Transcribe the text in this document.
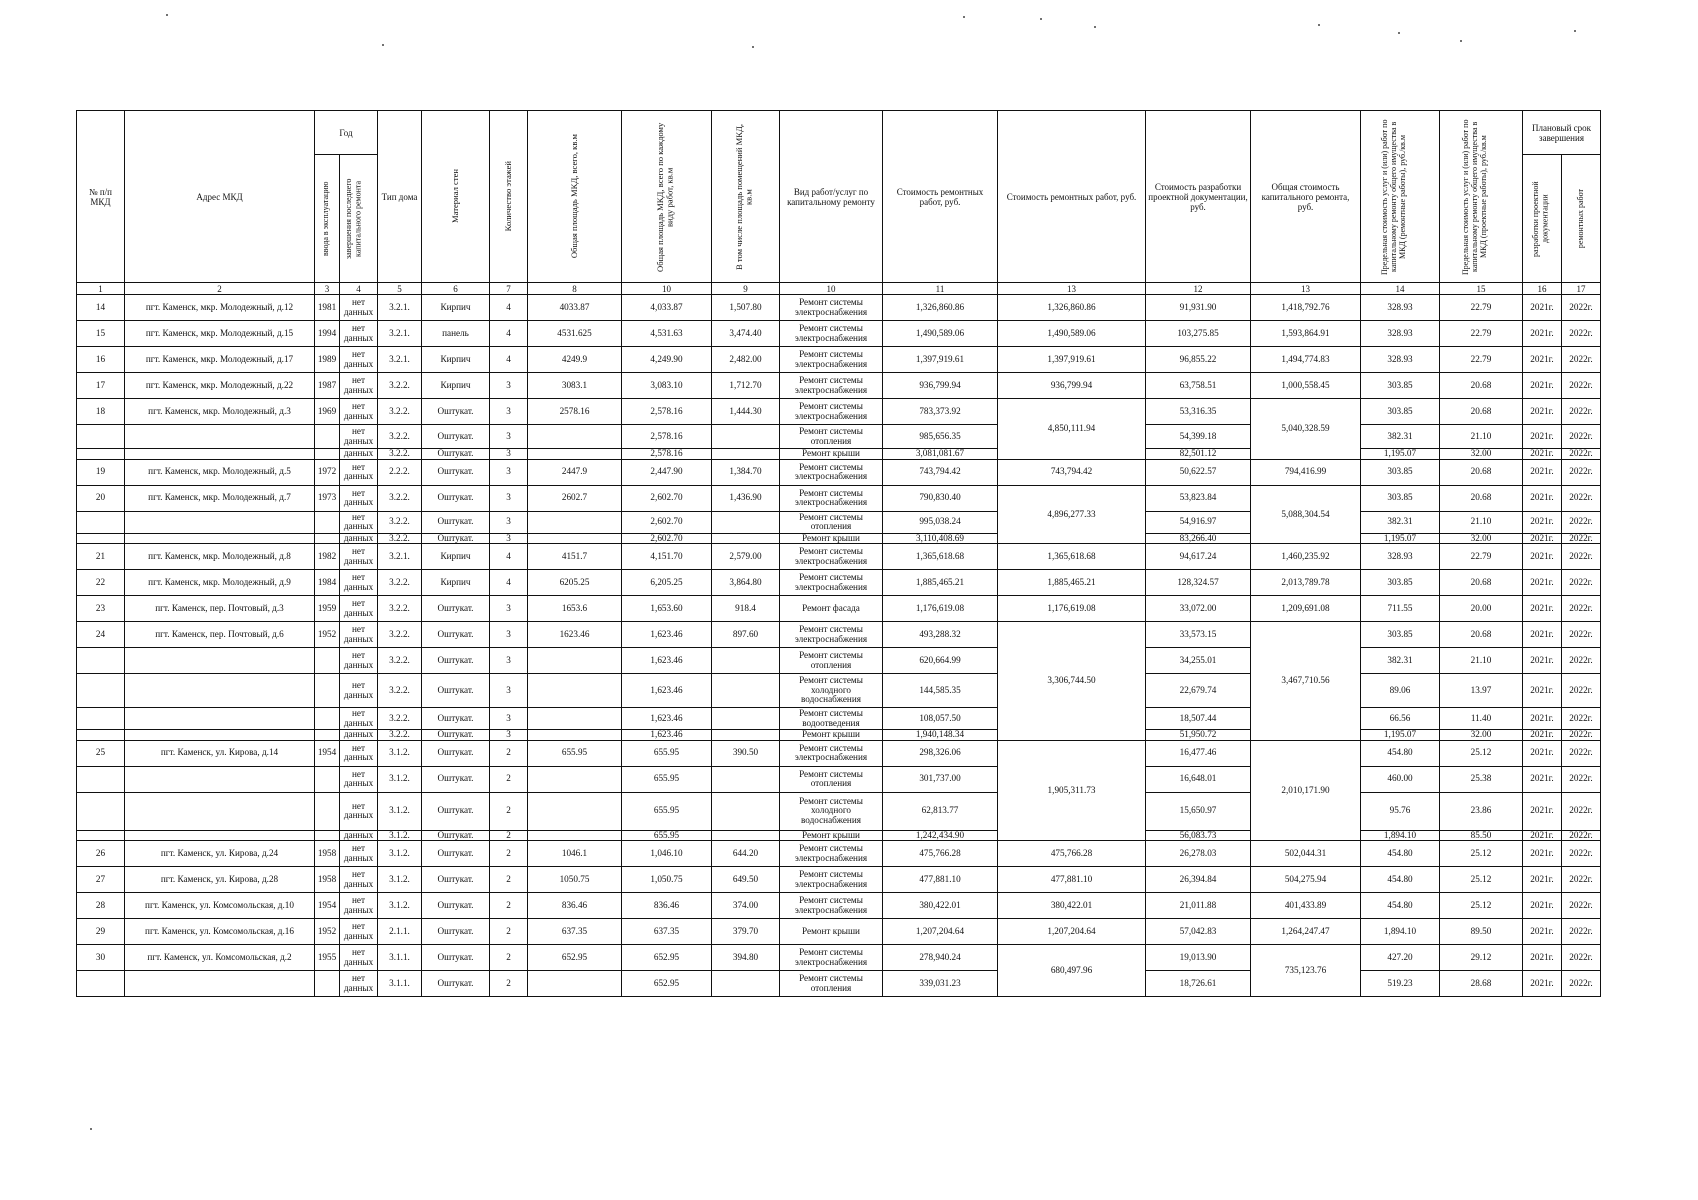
№ п/п МКД	Адрес МКД	Год		Тип дома	Материал стен	Количество этажей	Общая площадь МКД, всего, кв.м	Общая площадь МКД, всего по каждому виду работ, кв.м	В том числе площадь помещений МКД, кв.м	Вид работ/услуг по капитальному ремонту	Стоимость ремонтных работ, руб.	Стоимость ремонтных работ, руб.	Стоимость разработки проектной документации, руб.	Общая стоимость капитального ремонта, руб.	Предельная стоимость услуг и (или) работ по капитальному ремонту общего имущества в МКД (ремонтные работы), руб./кв.м	Предельная стоимость услуг и (или) работ по капитальному ремонту общего имущества в МКД (проектные работы), руб./кв.м	Плановый срок завершения	

		ввода в эксплуатацию	завершения последнего капитального ремонта														разработки проектной документации	ремонтных работ

1	2	3	4	5	6	7	8	10	9	10	11	13	12	13	14	15	16	17
14	пгт. Каменск, мкр. Молодежный, д.12	1981	нет данных	3.2.1.	Кирпич	4	4033.87	4,033.87	1,507.80	Ремонт системы электроснабжения	1,326,860.86	1,326,860.86	91,931.90	1,418,792.76	328.93	22.79	2021г.	2022г.
15	пгт. Каменск, мкр. Молодежный, д.15	1994	нет данных	3.2.1.	панель	4	4531.625	4,531.63	3,474.40	Ремонт системы электроснабжения	1,490,589.06	1,490,589.06	103,275.85	1,593,864.91	328.93	22.79	2021г.	2022г.
16	пгт. Каменск, мкр. Молодежный, д.17	1989	нет данных	3.2.1.	Кирпич	4	4249.9	4,249.90	2,482.00	Ремонт системы электроснабжения	1,397,919.61	1,397,919.61	96,855.22	1,494,774.83	328.93	22.79	2021г.	2022г.
17	пгт. Каменск, мкр. Молодежный, д.22	1987	нет данных	3.2.2.	Кирпич	3	3083.1	3,083.10	1,712.70	Ремонт системы электроснабжения	936,799.94	936,799.94	63,758.51	1,000,558.45	303.85	20.68	2021г.	2022г.
18	пгт. Каменск, мкр. Молодежный, д.3	1969	нет данных	3.2.2.	Оштукат.	3	2578.16	2,578.16	1,444.30	Ремонт системы электроснабжения	783,373.92	4,850,111.94	53,316.35	5,040,328.59	303.85	20.68	2021г.	2022г.
			нет данных	3.2.2.	Оштукат.	3		2,578.16		Ремонт системы отопления	985,656.35		54,399.18		382.31	21.10	2021г.	2022г.
			данных	3.2.2.	Оштукат.	3		2,578.16		Ремонт крыши	3,081,081.67		82,501.12		1,195.07	32.00	2021г.	2022г.
19	пгт. Каменск, мкр. Молодежный, д.5	1972	нет данных	2.2.2.	Оштукат.	3	2447.9	2,447.90	1,384.70	Ремонт системы электроснабжения	743,794.42	743,794.42	50,622.57	794,416.99	303.85	20.68	2021г.	2022г.
20	пгт. Каменск, мкр. Молодежный, д.7	1973	нет данных	3.2.2.	Оштукат.	3	2602.7	2,602.70	1,436.90	Ремонт системы электроснабжения	790,830.40	4,896,277.33	53,823.84	5,088,304.54	303.85	20.68	2021г.	2022г.
			нет данных	3.2.2.	Оштукат.	3		2,602.70		Ремонт системы отопления	995,038.24		54,916.97		382.31	21.10	2021г.	2022г.
			данных	3.2.2.	Оштукат.	3		2,602.70		Ремонт крыши	3,110,408.69		83,266.40		1,195.07	32.00	2021г.	2022г.
21	пгт. Каменск, мкр. Молодежный, д.8	1982	нет данных	3.2.1.	Кирпич	4	4151.7	4,151.70	2,579.00	Ремонт системы электроснабжения	1,365,618.68	1,365,618.68	94,617.24	1,460,235.92	328.93	22.79	2021г.	2022г.
22	пгт. Каменск, мкр. Молодежный, д.9	1984	нет данных	3.2.2.	Кирпич	4	6205.25	6,205.25	3,864.80	Ремонт системы электроснабжения	1,885,465.21	1,885,465.21	128,324.57	2,013,789.78	303.85	20.68	2021г.	2022г.
23	пгт. Каменск, пер. Почтовый, д.3	1959	нет данных	3.2.2.	Оштукат.	3	1653.6	1,653.60	918.4	Ремонт фасада	1,176,619.08	1,176,619.08	33,072.00	1,209,691.08	711.55	20.00	2021г.	2022г.
24	пгт. Каменск, пер. Почтовый, д.6	1952	нет данных	3.2.2.	Оштукат.	3	1623.46	1,623.46	897.60	Ремонт системы электроснабжения	493,288.32	3,306,744.50	33,573.15	3,467,710.56	303.85	20.68	2021г.	2022г.
			нет данных	3.2.2.	Оштукат.	3		1,623.46		Ремонт системы отопления	620,664.99		34,255.01		382.31	21.10	2021г.	2022г.
			нет данных	3.2.2.	Оштукат.	3		1,623.46		Ремонт системы холодного водоснабжения	144,585.35		22,679.74		89.06	13.97	2021г.	2022г.
			нет данных	3.2.2.	Оштукат.	3		1,623.46		Ремонт системы водоотведения	108,057.50		18,507.44		66.56	11.40	2021г.	2022г.
			данных	3.2.2.	Оштукат.	3		1,623.46		Ремонт крыши	1,940,148.34		51,950.72		1,195.07	32.00	2021г.	2022г.
25	пгт. Каменск, ул. Кирова, д.14	1954	нет данных	3.1.2.	Оштукат.	2	655.95	655.95	390.50	Ремонт системы электроснабжения	298,326.06	1,905,311.73	16,477.46	2,010,171.90	454.80	25.12	2021г.	2022г.
			нет данных	3.1.2.	Оштукат.	2		655.95		Ремонт системы отопления	301,737.00		16,648.01		460.00	25.38	2021г.	2022г.
			нет данных	3.1.2.	Оштукат.	2		655.95		Ремонт системы холодного водоснабжения	62,813.77		15,650.97		95.76	23.86	2021г.	2022г.
			данных	3.1.2.	Оштукат.	2		655.95		Ремонт крыши	1,242,434.90		56,083.73		1,894.10	85.50	2021г.	2022г.
26	пгт. Каменск, ул. Кирова, д.24	1958	нет данных	3.1.2.	Оштукат.	2	1046.1	1,046.10	644.20	Ремонт системы электроснабжения	475,766.28	475,766.28	26,278.03	502,044.31	454.80	25.12	2021г.	2022г.
27	пгт. Каменск, ул. Кирова, д.28	1958	нет данных	3.1.2.	Оштукат.	2	1050.75	1,050.75	649.50	Ремонт системы электроснабжения	477,881.10	477,881.10	26,394.84	504,275.94	454.80	25.12	2021г.	2022г.
28	пгт. Каменск, ул. Комсомольская, д.10	1954	нет данных	3.1.2.	Оштукат.	2	836.46	836.46	374.00	Ремонт системы электроснабжения	380,422.01	380,422.01	21,011.88	401,433.89	454.80	25.12	2021г.	2022г.
29	пгт. Каменск, ул. Комсомольская, д.16	1952	нет данных	2.1.1.	Оштукат.	2	637.35	637.35	379.70	Ремонт крыши	1,207,204.64	1,207,204.64	57,042.83	1,264,247.47	1,894.10	89.50	2021г.	2022г.
30	пгт. Каменск, ул. Комсомольская, д.2	1955	нет данных	3.1.1.	Оштукат.	2	652.95	652.95	394.80	Ремонт системы электроснабжения	278,940.24	680,497.96	19,013.90	735,123.76	427.20	29.12	2021г.	2022г.
			нет данных	3.1.1.	Оштукат.	2		652.95		Ремонт системы отопления	339,031.23		18,726.61		519.23	28.68	2021г.	2022г.
